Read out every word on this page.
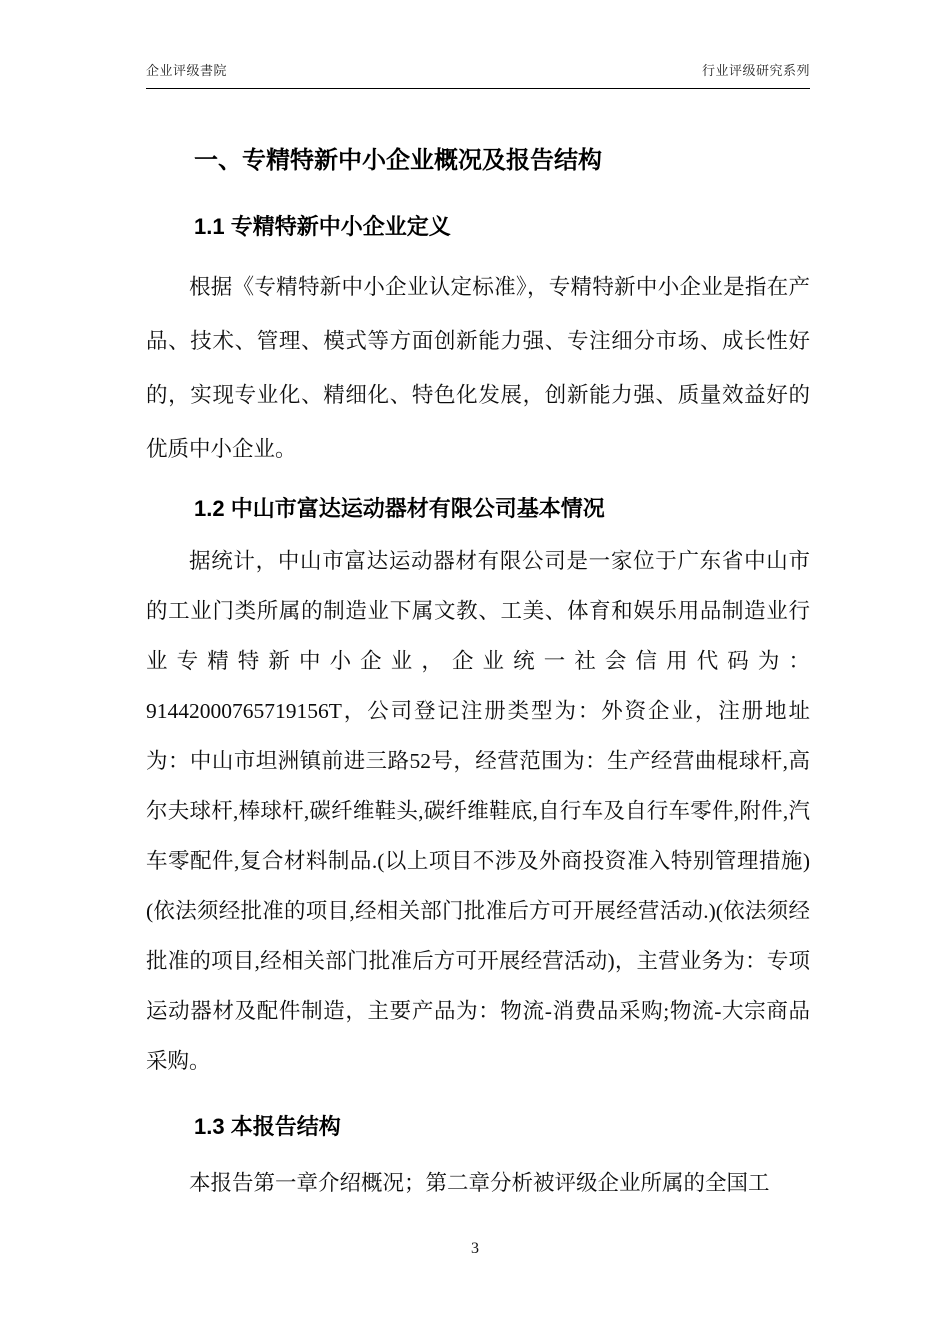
企业评级書院	行业评级研究系列
一、专精特新中小企业概况及报告结构
1.1 专精特新中小企业定义

根据《专精特新中小企业认定标准》，专精特新中小企业是指在产品、技术、管理、模式等方面创新能力强、专注细分市场、成长性好的，实现专业化、精细化、特色化发展，创新能力强、质量效益好的优质中小企业。

1.2 中山市富达运动器材有限公司基本情况

据统计，中山市富达运动器材有限公司是一家位于广东省中山市的工业门类所属的制造业下属文教、工美、体育和娱乐用品制造业行业专精特新中小企业，企业统一社会信用代码为：91442000765719156T，公司登记注册类型为：外资企业，注册地址为：中山市坦洲镇前进三路52号，经营范围为：生产经营曲棍球杆,高尔夫球杆,棒球杆,碳纤维鞋头,碳纤维鞋底,自行车及自行车零件,附件,汽车零配件,复合材料制品.(以上项目不涉及外商投资准入特别管理措施)(依法须经批准的项目,经相关部门批准后方可开展经营活动.)(依法须经批准的项目,经相关部门批准后方可开展经营活动)，主营业务为：专项运动器材及配件制造，主要产品为：物流-消费品采购;物流-大宗商品采购。

1.3 本报告结构

本报告第一章介绍概况；第二章分析被评级企业所属的全国工

3
